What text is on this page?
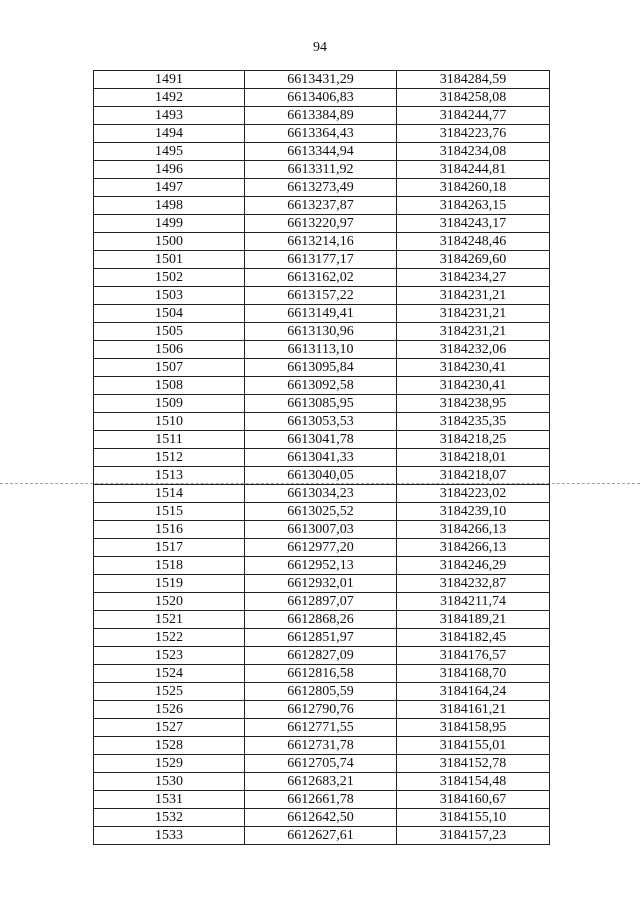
94
1491	6613431,29	3184284,59
1492	6613406,83	3184258,08
1493	6613384,89	3184244,77
1494	6613364,43	3184223,76
1495	6613344,94	3184234,08
1496	6613311,92	3184244,81
1497	6613273,49	3184260,18
1498	6613237,87	3184263,15
1499	6613220,97	3184243,17
1500	6613214,16	3184248,46
1501	6613177,17	3184269,60
1502	6613162,02	3184234,27
1503	6613157,22	3184231,21
1504	6613149,41	3184231,21
1505	6613130,96	3184231,21
1506	6613113,10	3184232,06
1507	6613095,84	3184230,41
1508	6613092,58	3184230,41
1509	6613085,95	3184238,95
1510	6613053,53	3184235,35
1511	6613041,78	3184218,25
1512	6613041,33	3184218,01
1513	6613040,05	3184218,07
1514	6613034,23	3184223,02
1515	6613025,52	3184239,10
1516	6613007,03	3184266,13
1517	6612977,20	3184266,13
1518	6612952,13	3184246,29
1519	6612932,01	3184232,87
1520	6612897,07	3184211,74
1521	6612868,26	3184189,21
1522	6612851,97	3184182,45
1523	6612827,09	3184176,57
1524	6612816,58	3184168,70
1525	6612805,59	3184164,24
1526	6612790,76	3184161,21
1527	6612771,55	3184158,95
1528	6612731,78	3184155,01
1529	6612705,74	3184152,78
1530	6612683,21	3184154,48
1531	6612661,78	3184160,67
1532	6612642,50	3184155,10
1533	6612627,61	3184157,23
